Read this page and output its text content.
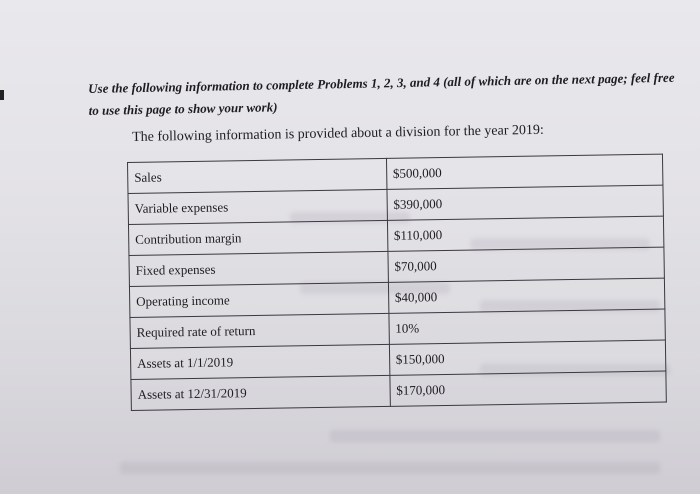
Use the following information to complete Problems 1, 2, 3, and 4 (all of which are on the next page; feel free to use this page to show your work)
The following information is provided about a division for the year 2019:
Sales	$500,000
Variable expenses	$390,000
Contribution margin	$110,000
Fixed expenses	$70,000
Operating income	$40,000
Required rate of return	10%
Assets at 1/1/2019	$150,000
Assets at 12/31/2019	$170,000
